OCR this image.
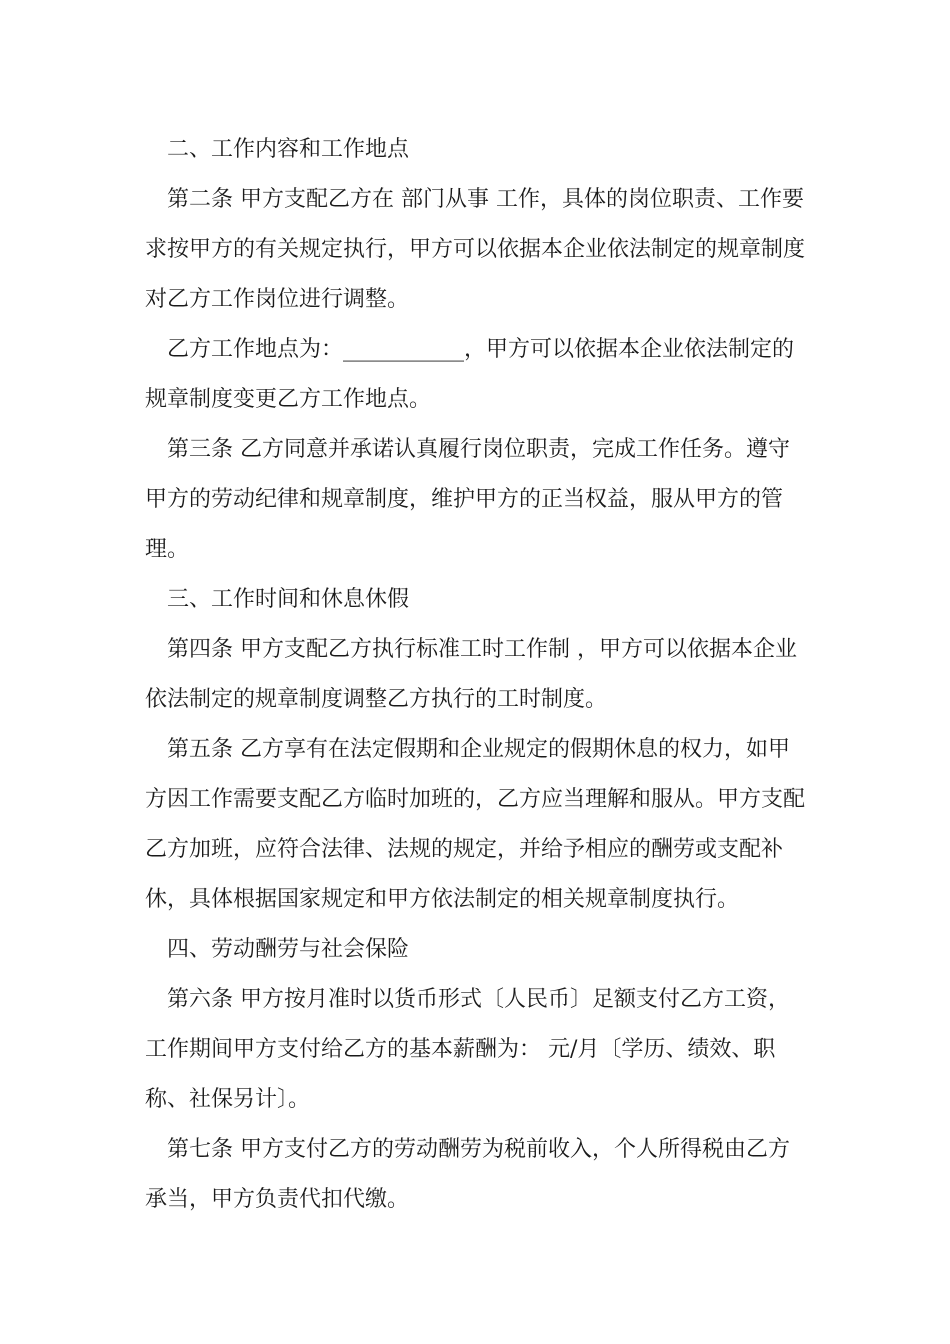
二、工作内容和工作地点

第二条 甲方支配乙方在 部门从事 工作，具体的岗位职责、工作要求按甲方的有关规定执行，甲方可以依据本企业依法制定的规章制度对乙方工作岗位进行调整。

乙方工作地点为：___________，甲方可以依据本企业依法制定的规章制度变更乙方工作地点。

第三条 乙方同意并承诺认真履行岗位职责，完成工作任务。遵守甲方的劳动纪律和规章制度，维护甲方的正当权益，服从甲方的管理。

三、工作时间和休息休假

第四条 甲方支配乙方执行标准工时工作制 ，甲方可以依据本企业依法制定的规章制度调整乙方执行的工时制度。

第五条 乙方享有在法定假期和企业规定的假期休息的权力，如甲方因工作需要支配乙方临时加班的，乙方应当理解和服从。甲方支配乙方加班，应符合法律、法规的规定，并给予相应的酬劳或支配补休，具体根据国家规定和甲方依法制定的相关规章制度执行。

四、劳动酬劳与社会保险

第六条 甲方按月准时以货币形式〔人民币〕足额支付乙方工资，工作期间甲方支付给乙方的基本薪酬为： 元/月〔学历、绩效、职称、社保另计〕。

第七条 甲方支付乙方的劳动酬劳为税前收入，个人所得税由乙方承当，甲方负责代扣代缴。
